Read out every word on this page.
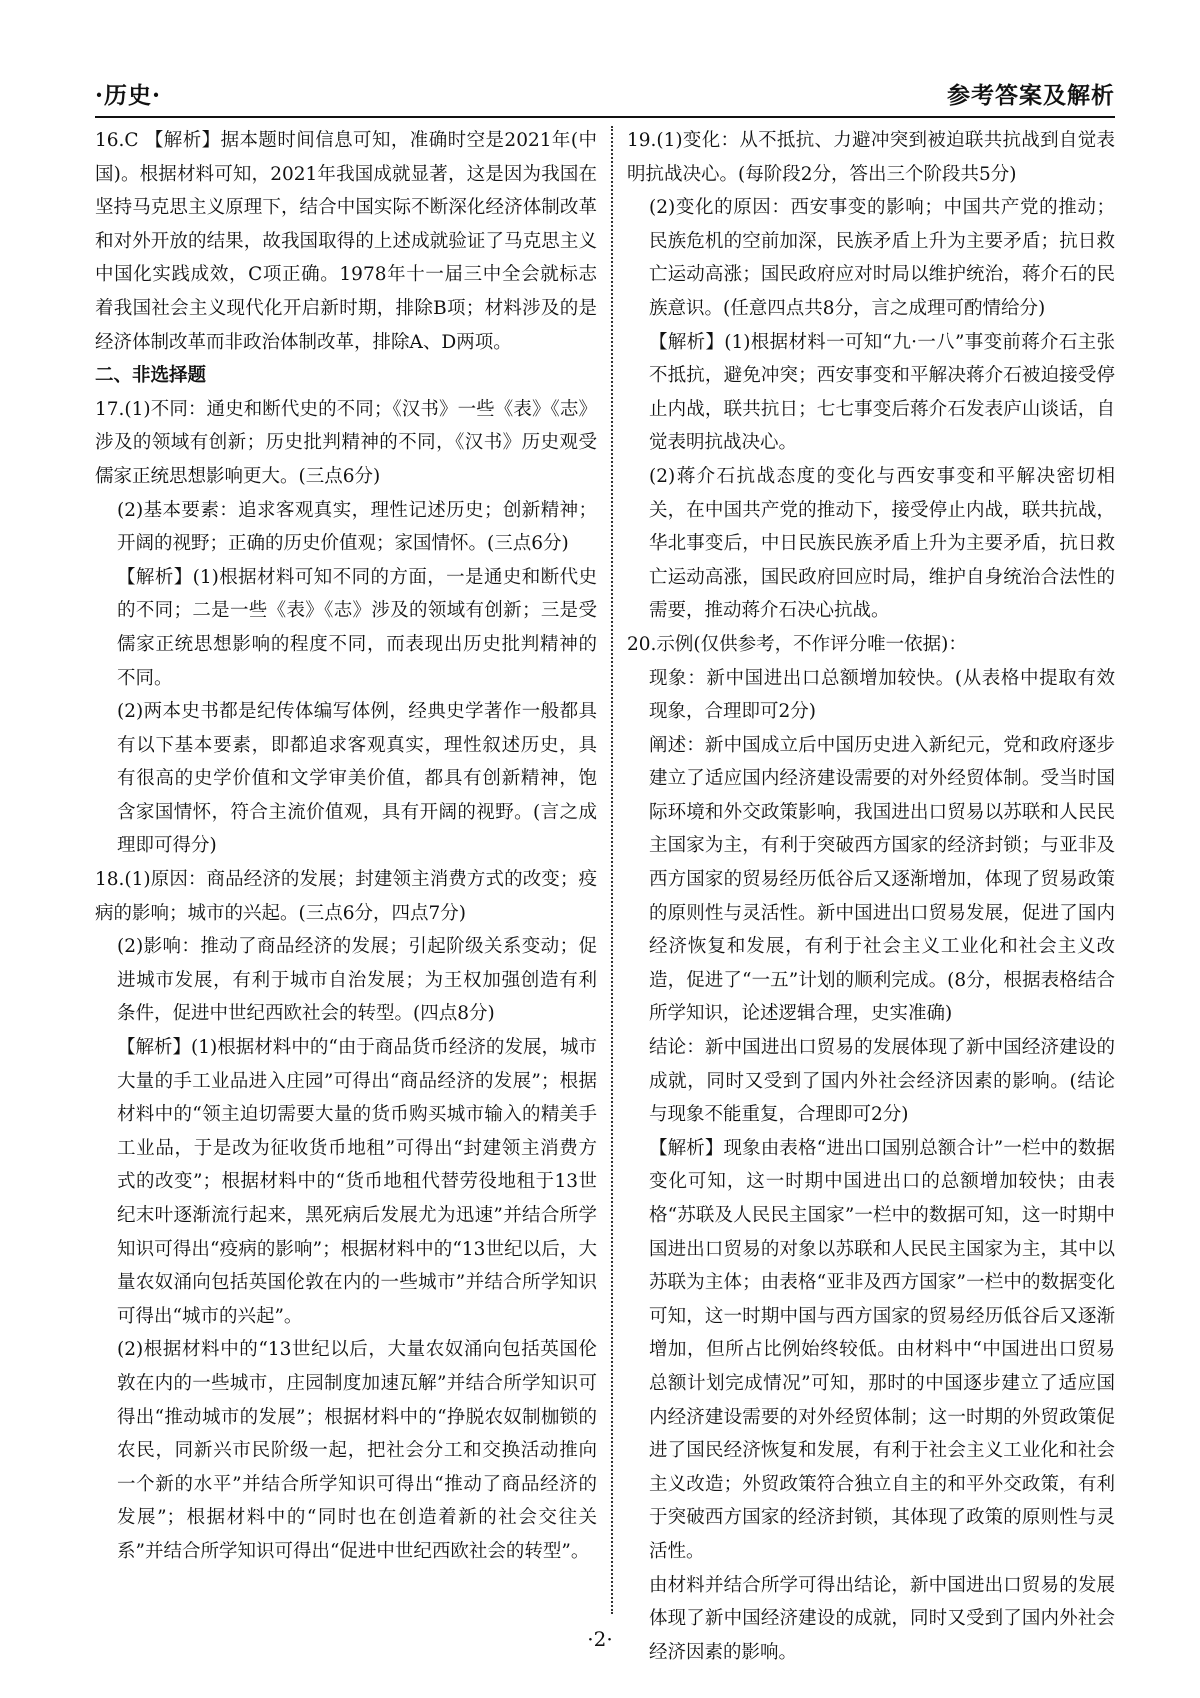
·历史·	参考答案及解析

16.C 【解析】据本题时间信息可知，准确时空是2021年(中国)。根据材料可知，2021年我国成就显著，这是因为我国在坚持马克思主义原理下，结合中国实际不断深化经济体制改革和对外开放的结果，故我国取得的上述成就验证了马克思主义中国化实践成效，C项正确。1978年十一届三中全会就标志着我国社会主义现代化开启新时期，排除B项；材料涉及的是经济体制改革而非政治体制改革，排除A、D两项。

二、非选择题

17.(1)不同：通史和断代史的不同；《汉书》一些《表》《志》涉及的领域有创新；历史批判精神的不同，《汉书》历史观受儒家正统思想影响更大。(三点6分)

(2)基本要素：追求客观真实，理性记述历史；创新精神；开阔的视野；正确的历史价值观；家国情怀。(三点6分)

【解析】(1)根据材料可知不同的方面，一是通史和断代史的不同；二是一些《表》《志》涉及的领域有创新；三是受儒家正统思想影响的程度不同，而表现出历史批判精神的不同。

(2)两本史书都是纪传体编写体例，经典史学著作一般都具有以下基本要素，即都追求客观真实，理性叙述历史，具有很高的史学价值和文学审美价值，都具有创新精神，饱含家国情怀，符合主流价值观，具有开阔的视野。(言之成理即可得分)

18.(1)原因：商品经济的发展；封建领主消费方式的改变；疫病的影响；城市的兴起。(三点6分，四点7分)

(2)影响：推动了商品经济的发展；引起阶级关系变动；促进城市发展，有利于城市自治发展；为王权加强创造有利条件，促进中世纪西欧社会的转型。(四点8分)

【解析】(1)根据材料中的“由于商品货币经济的发展，城市大量的手工业品进入庄园”可得出“商品经济的发展”；根据材料中的“领主迫切需要大量的货币购买城市输入的精美手工业品，于是改为征收货币地租”可得出“封建领主消费方式的改变”；根据材料中的“货币地租代替劳役地租于13世纪末叶逐渐流行起来，黑死病后发展尤为迅速”并结合所学知识可得出“疫病的影响”；根据材料中的“13世纪以后，大量农奴涌向包括英国伦敦在内的一些城市”并结合所学知识可得出“城市的兴起”。

(2)根据材料中的“13世纪以后，大量农奴涌向包括英国伦敦在内的一些城市，庄园制度加速瓦解”并结合所学知识可得出“推动城市的发展”；根据材料中的“挣脱农奴制枷锁的农民，同新兴市民阶级一起，把社会分工和交换活动推向一个新的水平”并结合所学知识可得出“推动了商品经济的发展”；根据材料中的“同时也在创造着新的社会交往关系”并结合所学知识可得出“促进中世纪西欧社会的转型”。

19.(1)变化：从不抵抗、力避冲突到被迫联共抗战到自觉表明抗战决心。(每阶段2分，答出三个阶段共5分)

(2)变化的原因：西安事变的影响；中国共产党的推动；民族危机的空前加深，民族矛盾上升为主要矛盾；抗日救亡运动高涨；国民政府应对时局以维护统治，蒋介石的民族意识。(任意四点共8分，言之成理可酌情给分)

【解析】(1)根据材料一可知“九·一八”事变前蒋介石主张不抵抗，避免冲突；西安事变和平解决蒋介石被迫接受停止内战，联共抗日；七七事变后蒋介石发表庐山谈话，自觉表明抗战决心。

(2)蒋介石抗战态度的变化与西安事变和平解决密切相关，在中国共产党的推动下，接受停止内战，联共抗战，华北事变后，中日民族民族矛盾上升为主要矛盾，抗日救亡运动高涨，国民政府回应时局，维护自身统治合法性的需要，推动蒋介石决心抗战。

20.示例(仅供参考，不作评分唯一依据)：

现象：新中国进出口总额增加较快。(从表格中提取有效现象，合理即可2分)

阐述：新中国成立后中国历史进入新纪元，党和政府逐步建立了适应国内经济建设需要的对外经贸体制。受当时国际环境和外交政策影响，我国进出口贸易以苏联和人民民主国家为主，有利于突破西方国家的经济封锁；与亚非及西方国家的贸易经历低谷后又逐渐增加，体现了贸易政策的原则性与灵活性。新中国进出口贸易发展，促进了国内经济恢复和发展，有利于社会主义工业化和社会主义改造，促进了“一五”计划的顺利完成。(8分，根据表格结合所学知识，论述逻辑合理，史实准确)

结论：新中国进出口贸易的发展体现了新中国经济建设的成就，同时又受到了国内外社会经济因素的影响。(结论与现象不能重复，合理即可2分)

【解析】现象由表格“进出口国别总额合计”一栏中的数据变化可知，这一时期中国进出口的总额增加较快；由表格“苏联及人民民主国家”一栏中的数据可知，这一时期中国进出口贸易的对象以苏联和人民民主国家为主，其中以苏联为主体；由表格“亚非及西方国家”一栏中的数据变化可知，这一时期中国与西方国家的贸易经历低谷后又逐渐增加，但所占比例始终较低。由材料中“中国进出口贸易总额计划完成情况”可知，那时的中国逐步建立了适应国内经济建设需要的对外经贸体制；这一时期的外贸政策促进了国民经济恢复和发展，有利于社会主义工业化和社会主义改造；外贸政策符合独立自主的和平外交政策，有利于突破西方国家的经济封锁，其体现了政策的原则性与灵活性。

由材料并结合所学可得出结论，新中国进出口贸易的发展体现了新中国经济建设的成就，同时又受到了国内外社会经济因素的影响。

·2·
